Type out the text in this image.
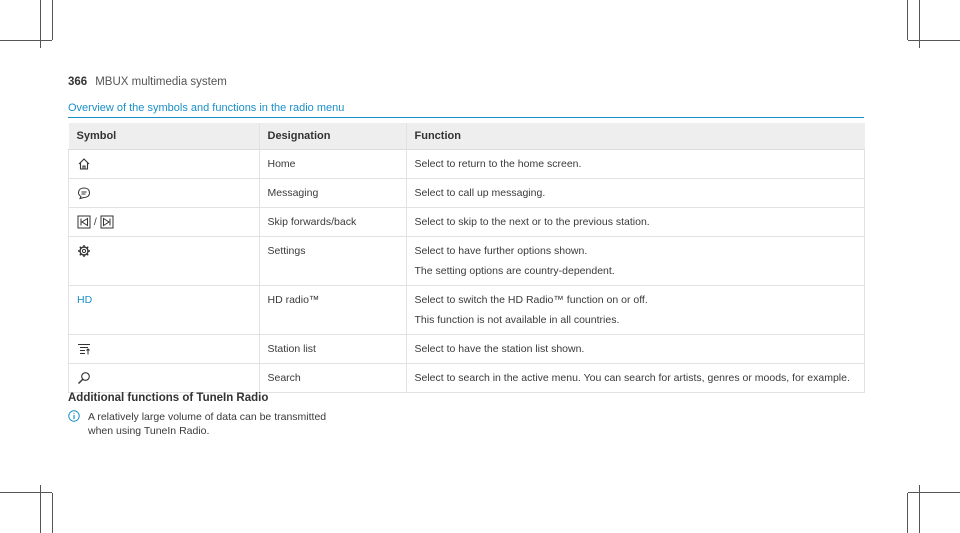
366 MBUX multimedia system
Overview of the symbols and functions in the radio menu
Symbol	Designation	Function
	Home	Select to return to the home screen.

	Messaging	Select to call up messaging.

/	Skip forwards/back	Select to skip to the next or to the previous station.

	Settings	Select to have further options shown.
The setting options are country-dependent.

HD	HD radio™	Select to switch the HD Radio™ function on or off.
This function is not available in all countries.

	Station list	Select to have the station list shown.

	Search	Select to search in the active menu. You can search for artists, genres or moods, for example.
Additional functions of TuneIn Radio
A relatively large volume of data can be transmitted when using TuneIn Radio.
